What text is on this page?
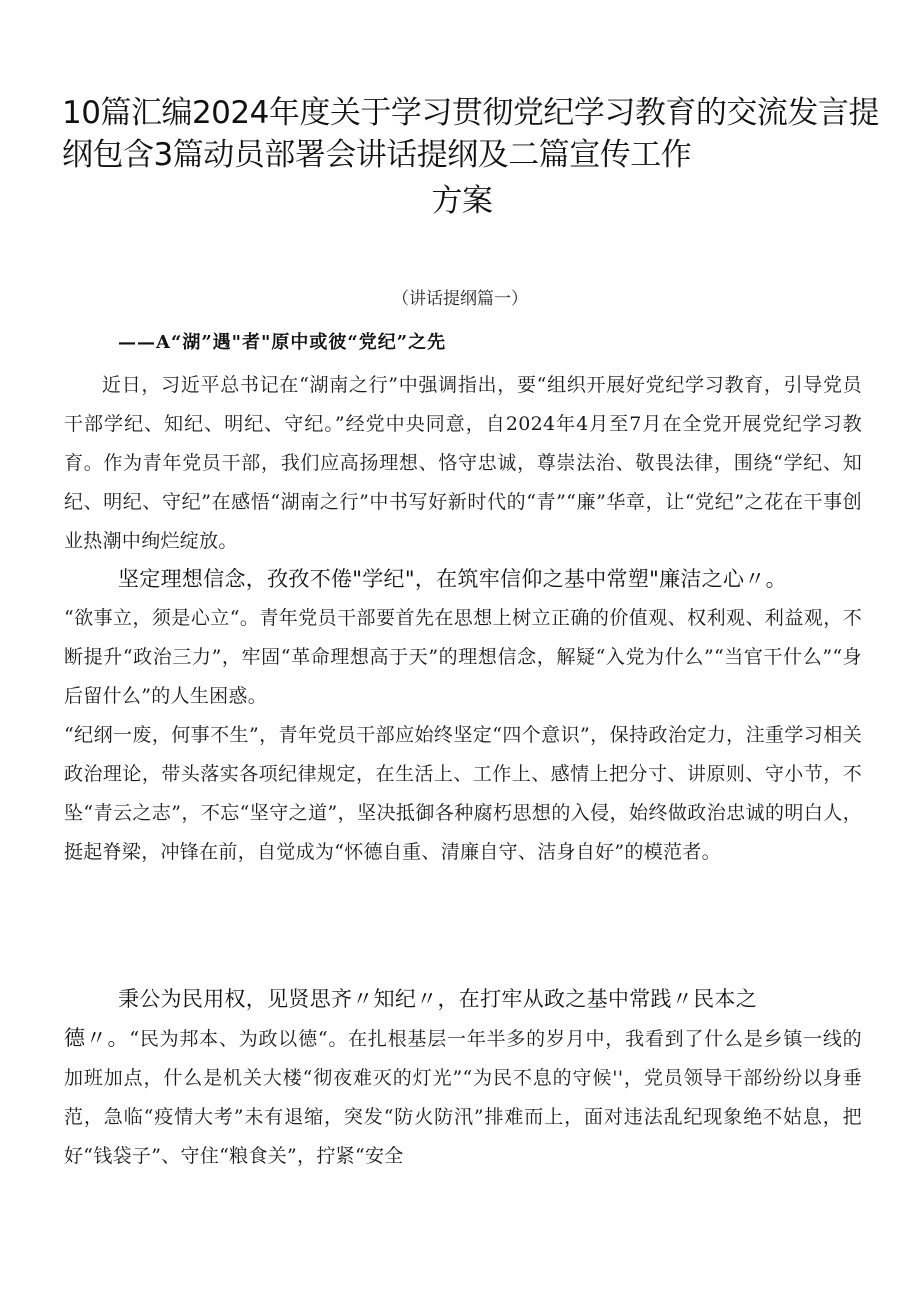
10篇汇编2024年度关于学习贯彻党纪学习教育的交流发言提
纲包含3篇动员部署会讲话提纲及二篇宣传工作
方案
（讲话提纲篇一）
——A“湖”遇"者"原中或彼“党纪”之先
近日，习近平总书记在“湖南之行”中强调指出，要“组织开展好党纪学习教育，引导党员干部学纪、知纪、明纪、守纪。”经党中央同意，自2024年4月至7月在全党开展党纪学习教育。作为青年党员干部，我们应高扬理想、恪守忠诚，尊崇法治、敬畏法律，围绕“学纪、知纪、明纪、守纪”在感悟“湖南之行”中书写好新时代的“青”“廉”华章，让“党纪”之花在干事创业热潮中绚烂绽放。
坚定理想信念，孜孜不倦"学纪"，在筑牢信仰之基中常塑"廉洁之心〃。
“欲事立，须是心立“。青年党员干部要首先在思想上树立正确的价值观、权利观、利益观，不断提升“政治三力”，牢固“革命理想高于天”的理想信念，解疑“入党为什么”“当官干什么”“身后留什么”的人生困惑。
“纪纲一废，何事不生”，青年党员干部应始终坚定“四个意识”，保持政治定力，注重学习相关政治理论，带头落实各项纪律规定，在生活上、工作上、感情上把分寸、讲原则、守小节，不坠“青云之志”，不忘“坚守之道”，坚决抵御各种腐朽思想的入侵，始终做政治忠诚的明白人，挺起脊梁，冲锋在前，自觉成为“怀德自重、清廉自守、洁身自好”的模范者。
秉公为民用权，见贤思齐〃知纪〃，在打牢从政之基中常践〃民本之
德〃。“民为邦本、为政以德“。在扎根基层一年半多的岁月中，我看到了什么是乡镇一线的加班加点，什么是机关大楼“彻夜难灭的灯光”“为民不息的守候''，党员领导干部纷纷以身垂范，急临“疫情大考”未有退缩，突发“防火防汛”排难而上，面对违法乱纪现象绝不姑息，把好“钱袋子”、守住“粮食关”，拧紧“安全
